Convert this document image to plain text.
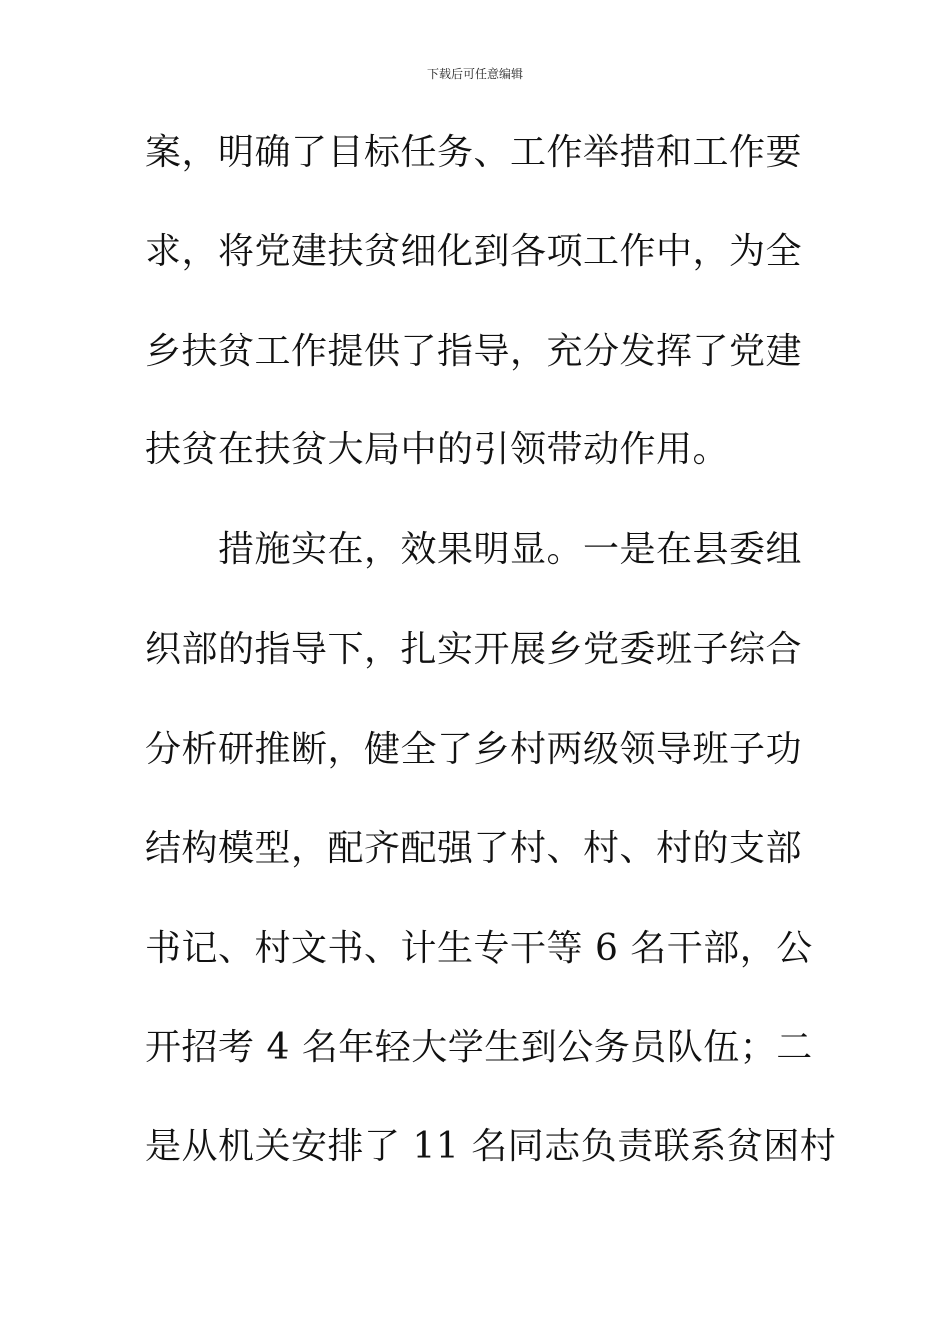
下载后可任意编辑
案，明确了目标任务、工作举措和工作要
求，将党建扶贫细化到各项工作中，为全
乡扶贫工作提供了指导，充分发挥了党建
扶贫在扶贫大局中的引领带动作用。
　　措施实在，效果明显。一是在县委组
织部的指导下，扎实开展乡党委班子综合
分析研推断，健全了乡村两级领导班子功
结构模型，配齐配强了村、村、村的支部
书记、村文书、计生专干等 6 名干部，公
开招考 4 名年轻大学生到公务员队伍；二
是从机关安排了 11 名同志负责联系贫困村
